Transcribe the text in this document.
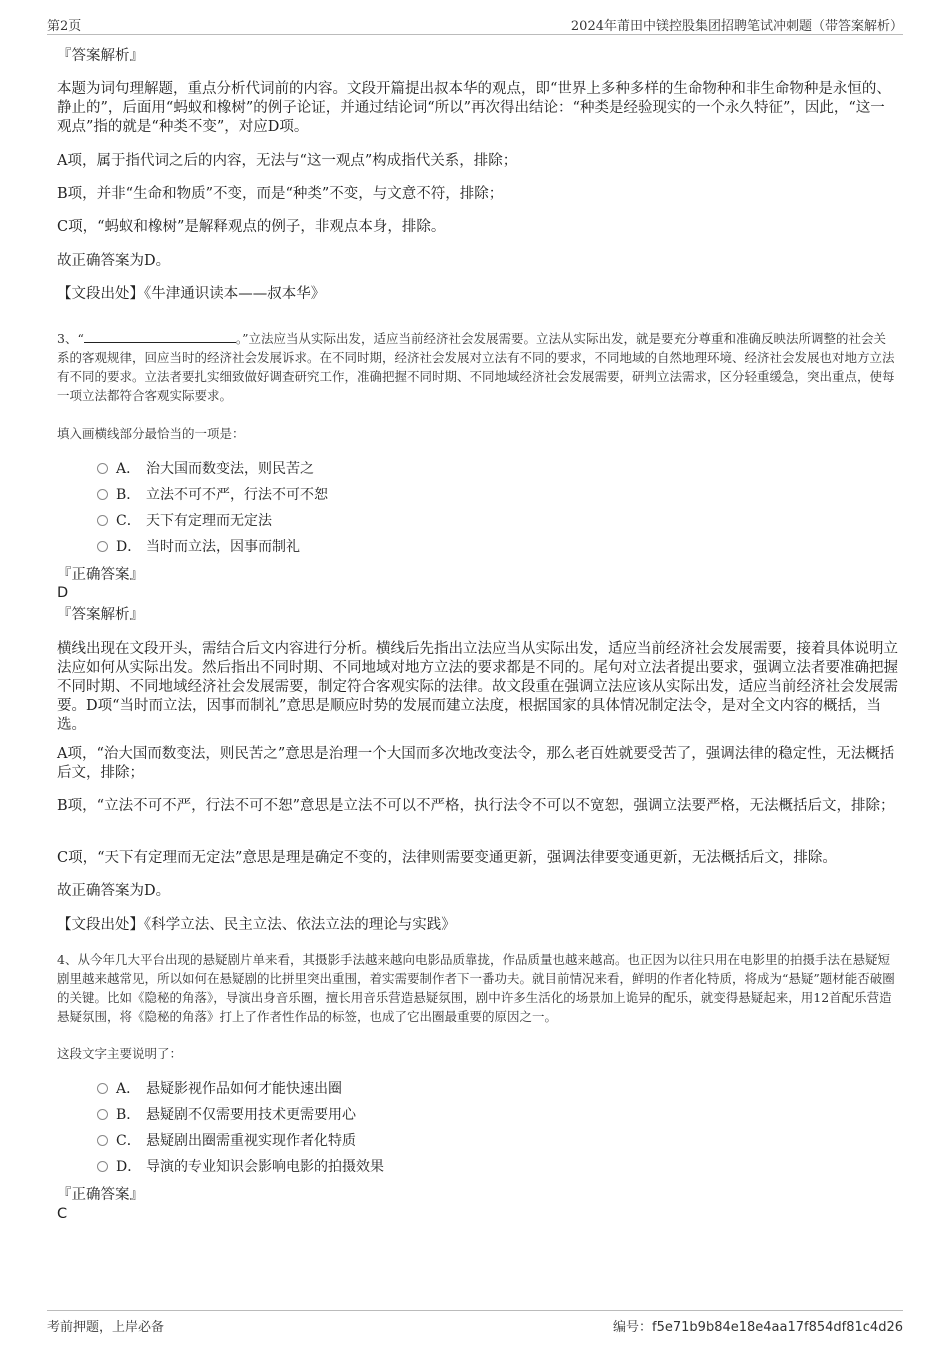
第2页	2024年莆田中镁控股集团招聘笔试冲刺题（带答案解析）
『答案解析』
本题为词句理解题，重点分析代词前的内容。文段开篇提出叔本华的观点，即“世界上多种多样的生命物种和非生命物种是永恒的、静止的”，后面用“蚂蚁和橡树”的例子论证，并通过结论词“所以”再次得出结论：“种类是经验现实的一个永久特征”，因此，“这一观点”指的就是“种类不变”，对应D项。
A项，属于指代词之后的内容，无法与“这一观点”构成指代关系，排除；
B项，并非“生命和物质”不变，而是“种类”不变，与文意不符，排除；
C项，“蚂蚁和橡树”是解释观点的例子，非观点本身，排除。
故正确答案为D。
【文段出处】《牛津通识读本——叔本华》
3、“	。”立法应当从实际出发，适应当前经济社会发展需要。立法从实际出发，就是要充分尊重和准确反映法所调整的社会关系的客观规律，回应当时的经济社会发展诉求。在不同时期，经济社会发展对立法有不同的要求，不同地域的自然地理环境、经济社会发展也对地方立法有不同的要求。立法者要扎实细致做好调查研究工作，准确把握不同时期、不同地域经济社会发展需要，研判立法需求，区分轻重缓急，突出重点，使每一项立法都符合客观实际要求。
填入画横线部分最恰当的一项是：
A． 治大国而数变法，则民苦之
B． 立法不可不严，行法不可不恕
C． 天下有定理而无定法
D． 当时而立法，因事而制礼
『正确答案』
D
『答案解析』
横线出现在文段开头，需结合后文内容进行分析。横线后先指出立法应当从实际出发，适应当前经济社会发展需要，接着具体说明立法应如何从实际出发。然后指出不同时期、不同地域对地方立法的要求都是不同的。尾句对立法者提出要求，强调立法者要准确把握不同时期、不同地域经济社会发展需要，制定符合客观实际的法律。故文段重在强调立法应该从实际出发，适应当前经济社会发展需要。D项“当时而立法，因事而制礼”意思是顺应时势的发展而建立法度，根据国家的具体情况制定法令，是对全文内容的概括，当选。
A项，“治大国而数变法，则民苦之”意思是治理一个大国而多次地改变法令，那么老百姓就要受苦了，强调法律的稳定性，无法概括后文，排除；
B项，“立法不可不严，行法不可不恕”意思是立法不可以不严格，执行法令不可以不宽恕，强调立法要严格，无法概括后文，排除；
C项，“天下有定理而无定法”意思是理是确定不变的，法律则需要变通更新，强调法律要变通更新，无法概括后文，排除。
故正确答案为D。
【文段出处】《科学立法、民主立法、依法立法的理论与实践》
4、从今年几大平台出现的悬疑剧片单来看，其摄影手法越来越向电影品质靠拢，作品质量也越来越高。也正因为以往只用在电影里的拍摄手法在悬疑短剧里越来越常见，所以如何在悬疑剧的比拼里突出重围，着实需要制作者下一番功夫。就目前情况来看，鲜明的作者化特质，将成为“悬疑”题材能否破圈的关键。比如《隐秘的角落》，导演出身音乐圈，擅长用音乐营造悬疑氛围，剧中许多生活化的场景加上诡异的配乐，就变得悬疑起来，用12首配乐营造悬疑氛围，将《隐秘的角落》打上了作者性作品的标签，也成了它出圈最重要的原因之一。
这段文字主要说明了：
A． 悬疑影视作品如何才能快速出圈
B． 悬疑剧不仅需要用技术更需要用心
C． 悬疑剧出圈需重视实现作者化特质
D． 导演的专业知识会影响电影的拍摄效果
『正确答案』
C
考前押题，上岸必备	编号：f5e71b9b84e18e4aa17f854df81c4d26
